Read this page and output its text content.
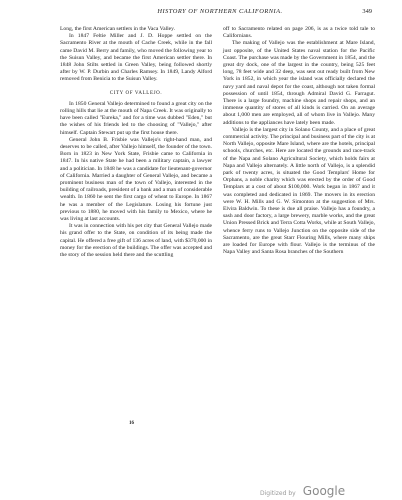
HISTORY OF NORTHERN CALIFORNIA.	349

Long, the first American settlers in the Vaca Valley.

In 1847 Feltie Miller and J. D. Hoppe settled on the Sacramento River at the mouth of Cache Creek, while in the fall came David M. Berry and family, who moved the following year to the Suisun Valley, and became the first American settler there. In 1848 John Stilts settled in Green Valley, being followed shortly after by W. P. Durbin and Charles Ramsey. In 1849, Landy Alford removed from Benicia to the Suisun Valley.

CITY OF VALLEJO.

In 1850 General Vallejo determined to found a great city on the rolling hills that lie at the mouth of Napa Creek. It was originally to have been called "Eureka," and for a time was dubbed "Eden," but the wishes of his friends led to the choosing of "Vallejo," after himself. Captain Stewart put up the first house there.

General John B. Frisbie was Vallejo's right-hand man, and deserves to be called, after Vallejo himself, the founder of the town. Born in 1823 in New York State, Frisbie came to California in 1847. In his native State he had been a military captain, a lawyer and a politician. In 1848 he was a candidate for lieutenant-governor of California. Married a daughter of General Vallejo, and became a prominent business man of the town of Vallejo, interested in the building of railroads, president of a bank and a man of considerable wealth. In 1860 he sent the first cargo of wheat to Europe. In 1867 he was a member of the Legislature. Losing his fortune just previous to 1880, he moved with his family to Mexico, where he was living at last accounts.

It was in connection with his pet city that General Vallejo made his grand offer to the State, on condition of its being made the capital. He offered a free gift of 136 acres of land, with $370,000 in money for the erection of the buildings. The offer was accepted and the story of the session held there and the scuttling

16

off to Sacramento related on page 206, is as a twice told tale to Californians.

The making of Vallejo was the establishment at Mare Island, just opposite, of the United States naval station for the Pacific Coast. The purchase was made by the Government in 1854, and the great dry dock, one of the largest in the country, being 525 feet long, 78 feet wide and 32 deep, was sent out ready built from New York in 1852, in which year the island was officially declared the navy yard and naval depot for the coast, although not taken formal possession of until 1854, through Admiral David G. Farragut. There is a large foundry, machine shops and repair shops, and an immense quantity of stores of all kinds is carried. On an average about 1,000 men are employed, all of whom live in Vallejo. Many additions to the appliances have lately been made.

Vallejo is the largest city in Solano County, and a place of great commercial activity. The principal and business part of the city is at North Vallejo, opposite Mare Island, where are the hotels, principal schools, churches, etc. Here are located the grounds and race-track of the Napa and Solano Agricultural Society, which holds fairs at Napa and Vallejo alternately. A little north of Vallejo, is a splendid park of twenty acres, is situated the Good Templars' Home for Orphans, a noble charity which was erected by the order of Good Templars at a cost of about $100,000. Work began in 1867 and it was completed and dedicated in 1869. The movers in its erection were W. H. Mills and G. W. Simonton at the suggestion of Mrs. Elvira Baldwin. To these is due all praise. Vallejo has a foundry, a sash and door factory, a large brewery, marble works, and the great Union Pressed Brick and Terra Cotta Works, while at South Vallejo, whence ferry runs to Vallejo Junction on the opposite side of the Sacramento, are the great Starr Flouring Mills, where many ships are loaded for Europe with flour. Vallejo is the terminus of the Napa Valley and Santa Rosa branches of the Southern

Digitized by Google
